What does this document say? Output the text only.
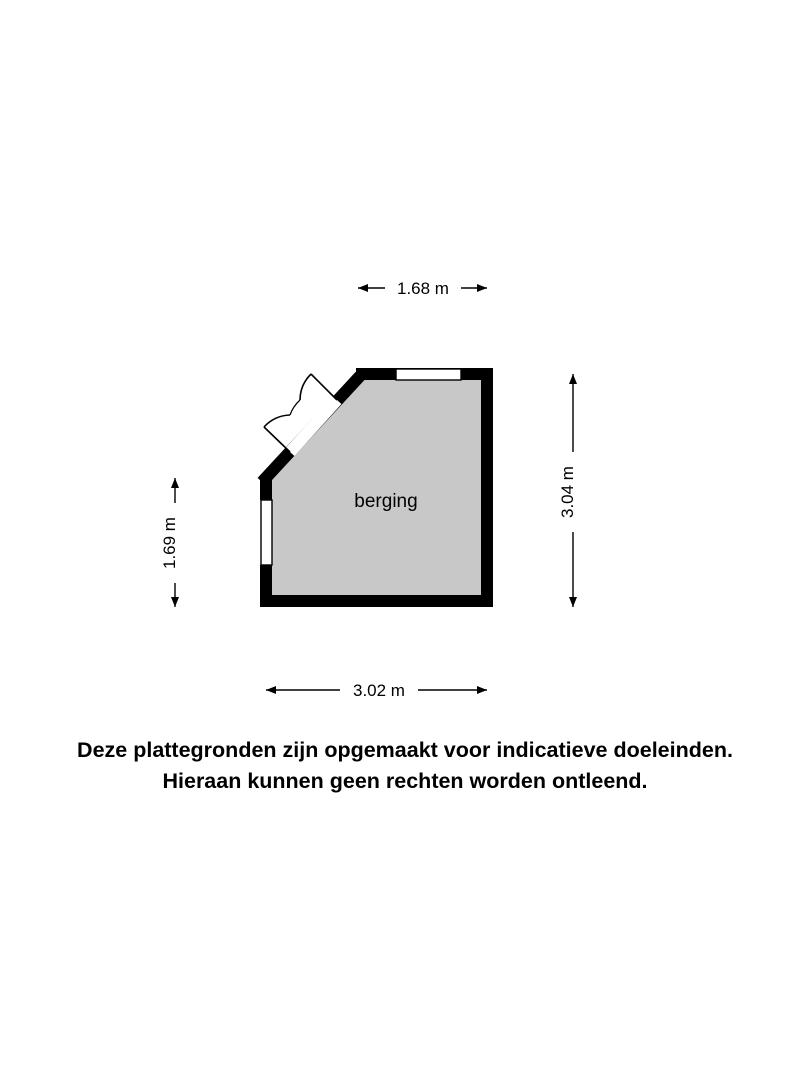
1.68 m
3.04 m
1.69 m
3.02 m
berging
Deze plattegronden zijn opgemaakt voor indicatieve doeleinden.
Hieraan kunnen geen rechten worden ontleend.
